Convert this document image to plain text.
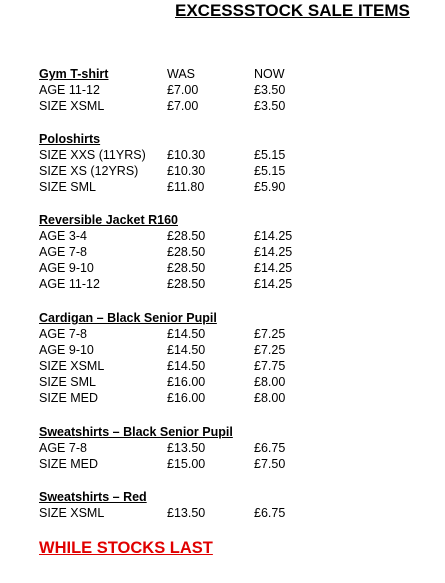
EXCESSSTOCK SALE ITEMS
Gym T-shirt	WAS	NOW
AGE 11-12	£7.00	£3.50
SIZE XSML	£7.00	£3.50
Poloshirts
SIZE XXS (11YRS) £10.30	£5.15
SIZE XS (12YRS) £10.30	£5.15
SIZE SML	£11.80	£5.90
Reversible Jacket R160
AGE 3-4	£28.50	£14.25
AGE 7-8	£28.50	£14.25
AGE 9-10	£28.50	£14.25
AGE 11-12	£28.50	£14.25
Cardigan – Black Senior Pupil
AGE 7-8	£14.50	£7.25
AGE 9-10	£14.50	£7.25
SIZE XSML	£14.50	£7.75
SIZE SML	£16.00	£8.00
SIZE MED	£16.00	£8.00
Sweatshirts – Black Senior Pupil
AGE 7-8	£13.50	£6.75
SIZE MED	£15.00	£7.50
Sweatshirts – Red
SIZE XSML	£13.50	£6.75
WHILE STOCKS LAST
